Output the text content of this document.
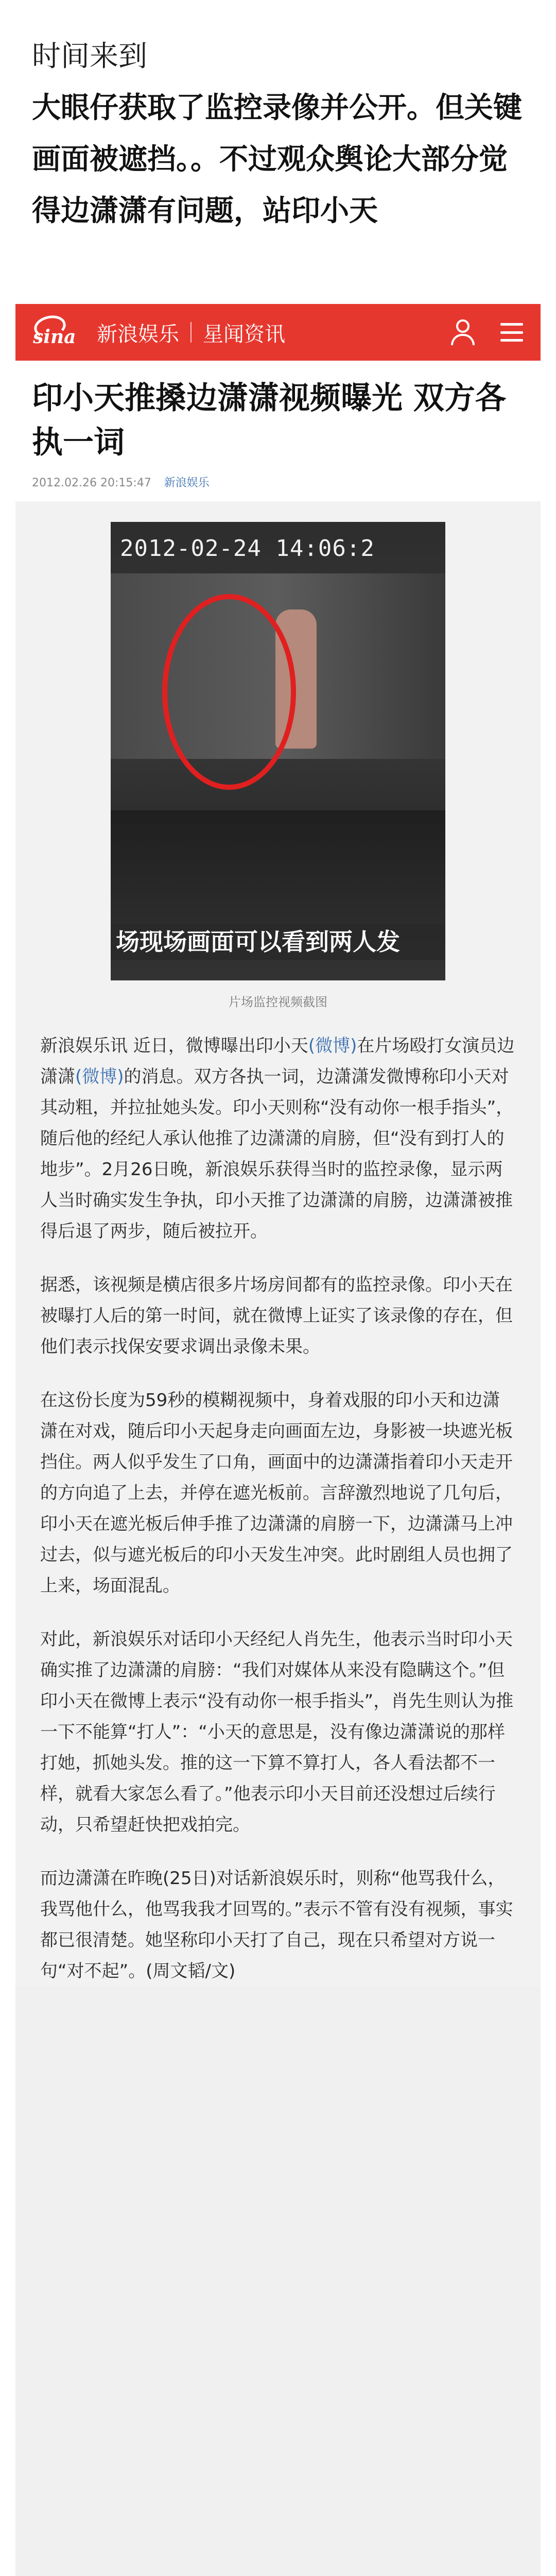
时间来到
大眼仔获取了监控录像并公开。但关键
画面被遮挡。。不过观众舆论大部分觉
得边潇潇有问题，站印小天
sina 新浪娱乐 星闻资讯
印小天推搡边潇潇视频曝光 双方各执一词
2012.02.26 20:15:47 新浪娱乐
2012-02-24 14:06:2
场现场画面可以看到两人发
片场监控视频截图

新浪娱乐讯 近日，微博曝出印小天(微博)在片场殴打女演员边潇潇(微博)的消息。双方各执一词，边潇潇发微博称印小天对其动粗，并拉扯她头发。印小天则称“没有动你一根手指头”，随后他的经纪人承认他推了边潇潇的肩膀，但“没有到打人的地步”。2月26日晚，新浪娱乐获得当时的监控录像，显示两人当时确实发生争执，印小天推了边潇潇的肩膀，边潇潇被推得后退了两步，随后被拉开。

据悉，该视频是横店很多片场房间都有的监控录像。印小天在被曝打人后的第一时间，就在微博上证实了该录像的存在，但他们表示找保安要求调出录像未果。

在这份长度为59秒的模糊视频中，身着戏服的印小天和边潇潇在对戏，随后印小天起身走向画面左边，身影被一块遮光板挡住。两人似乎发生了口角，画面中的边潇潇指着印小天走开的方向追了上去，并停在遮光板前。言辞激烈地说了几句后，印小天在遮光板后伸手推了边潇潇的肩膀一下，边潇潇马上冲过去，似与遮光板后的印小天发生冲突。此时剧组人员也拥了上来，场面混乱。

对此，新浪娱乐对话印小天经纪人肖先生，他表示当时印小天确实推了边潇潇的肩膀：“我们对媒体从来没有隐瞒这个。”但印小天在微博上表示“没有动你一根手指头”，肖先生则认为推一下不能算“打人”：“小天的意思是，没有像边潇潇说的那样打她，抓她头发。推的这一下算不算打人，各人看法都不一样，就看大家怎么看了。”他表示印小天目前还没想过后续行动，只希望赶快把戏拍完。

而边潇潇在昨晚(25日)对话新浪娱乐时，则称“他骂我什么，我骂他什么，他骂我我才回骂的。”表示不管有没有视频，事实都已很清楚。她坚称印小天打了自己，现在只希望对方说一句“对不起”。(周文韬/文)
